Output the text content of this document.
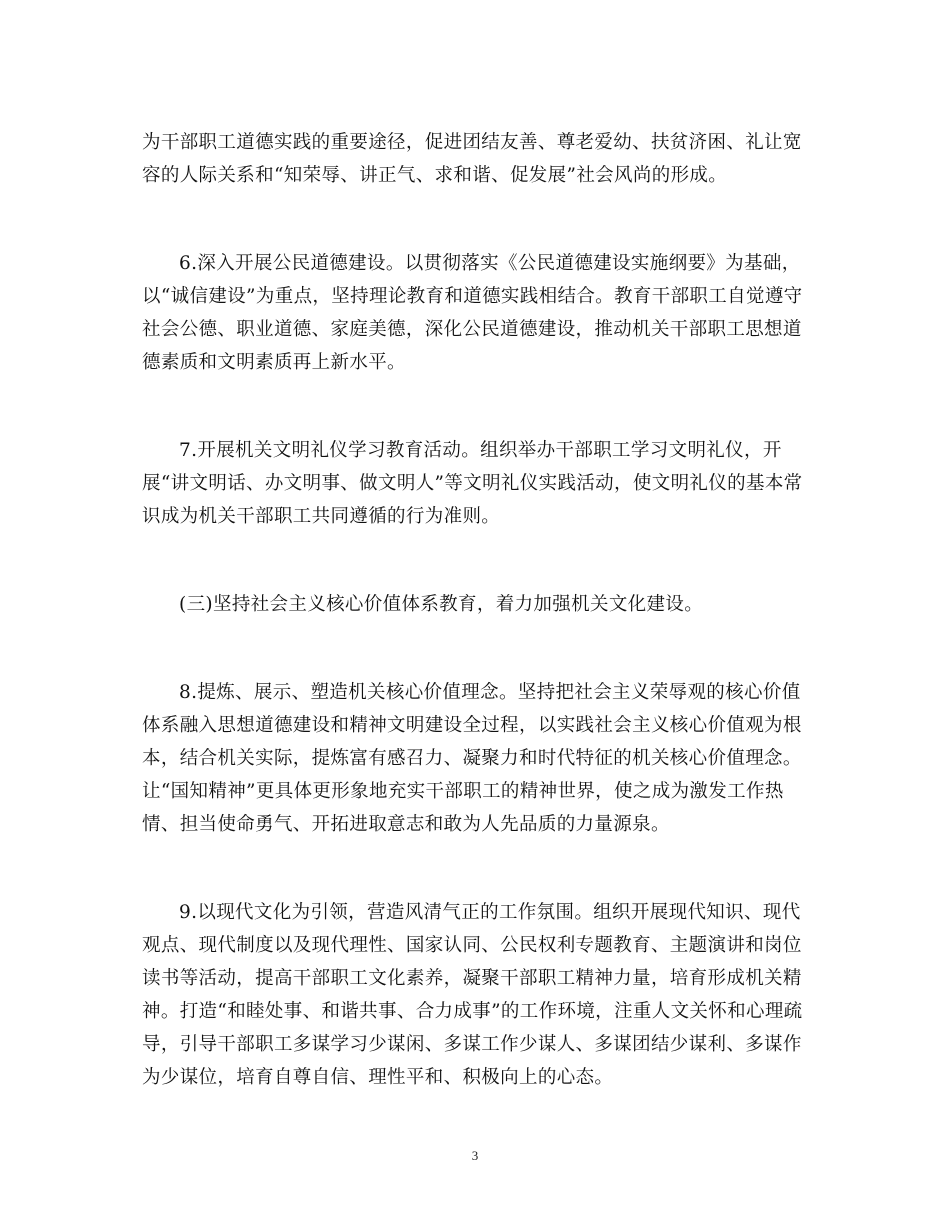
为干部职工道德实践的重要途径，促进团结友善、尊老爱幼、扶贫济困、礼让宽
容的人际关系和“知荣辱、讲正气、求和谐、促发展”社会风尚的形成。
6.深入开展公民道德建设。以贯彻落实《公民道德建设实施纲要》为基础，
以“诚信建设”为重点，坚持理论教育和道德实践相结合。教育干部职工自觉遵守
社会公德、职业道德、家庭美德，深化公民道德建设，推动机关干部职工思想道
德素质和文明素质再上新水平。
7.开展机关文明礼仪学习教育活动。组织举办干部职工学习文明礼仪，开
展“讲文明话、办文明事、做文明人”等文明礼仪实践活动，使文明礼仪的基本常
识成为机关干部职工共同遵循的行为准则。
(三)坚持社会主义核心价值体系教育，着力加强机关文化建设。
8.提炼、展示、塑造机关核心价值理念。坚持把社会主义荣辱观的核心价值
体系融入思想道德建设和精神文明建设全过程，以实践社会主义核心价值观为根
本，结合机关实际，提炼富有感召力、凝聚力和时代特征的机关核心价值理念。
让“国知精神”更具体更形象地充实干部职工的精神世界，使之成为激发工作热
情、担当使命勇气、开拓进取意志和敢为人先品质的力量源泉。
9.以现代文化为引领，营造风清气正的工作氛围。组织开展现代知识、现代
观点、现代制度以及现代理性、国家认同、公民权利专题教育、主题演讲和岗位
读书等活动，提高干部职工文化素养，凝聚干部职工精神力量，培育形成机关精
神。打造“和睦处事、和谐共事、合力成事”的工作环境，注重人文关怀和心理疏
导，引导干部职工多谋学习少谋闲、多谋工作少谋人、多谋团结少谋利、多谋作
为少谋位，培育自尊自信、理性平和、积极向上的心态。
3
